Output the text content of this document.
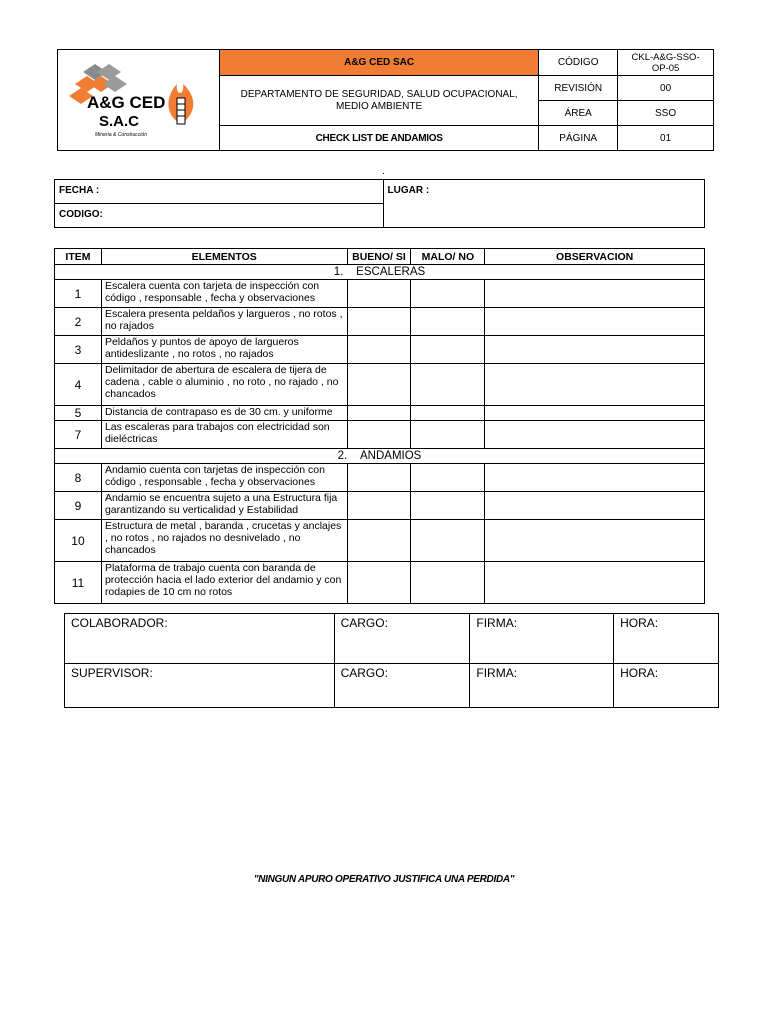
A&G CED
S.A.C
Minería & Construcción	A&G CED SAC	CÓDIGO	CKL-A&G-SSO-OP-05
	DEPARTAMENTO DE SEGURIDAD, SALUD OCUPACIONAL, MEDIO AMBIENTE	REVISIÓN	00
		ÁREA	SSO
	CHECK LIST DE ANDAMIOS	PÁGINA	01
.
FECHA :	LUGAR :
CODIGO:
ITEM	ELEMENTOS	BUENO/ SI	MALO/ NO	OBSERVACION
1. ESCALERAS				
1	Escalera cuenta con tarjeta de inspección con código , responsable , fecha y observaciones			
2	Escalera presenta peldaños y largueros , no rotos , no rajados			
3	Peldaños y puntos de apoyo de largueros antideslizante , no rotos , no rajados			
4	Delimitador de abertura de escalera de tijera de cadena , cable o aluminio , no roto , no rajado , no chancados			
5	Distancia de contrapaso es de 30 cm. y uniforme			
7	Las escaleras para trabajos con electricidad son dieléctricas			
2. ANDAMIOS				
8	Andamio cuenta con tarjetas de inspección con código , responsable , fecha y observaciones			
9	Andamio se encuentra sujeto a una Estructura fija garantizando su verticalidad y Estabilidad			
10	Estructura de metal , baranda , crucetas y anclajes , no rotos , no rajados no desnivelado , no chancados			
11	Plataforma de trabajo cuenta con baranda de protección hacia el lado exterior del andamio y con rodapies de 10 cm no rotos			
COLABORADOR:	CARGO:	FIRMA:	HORA:
SUPERVISOR:	CARGO:	FIRMA:	HORA:
"NINGUN APURO OPERATIVO JUSTIFICA UNA PERDIDA"
